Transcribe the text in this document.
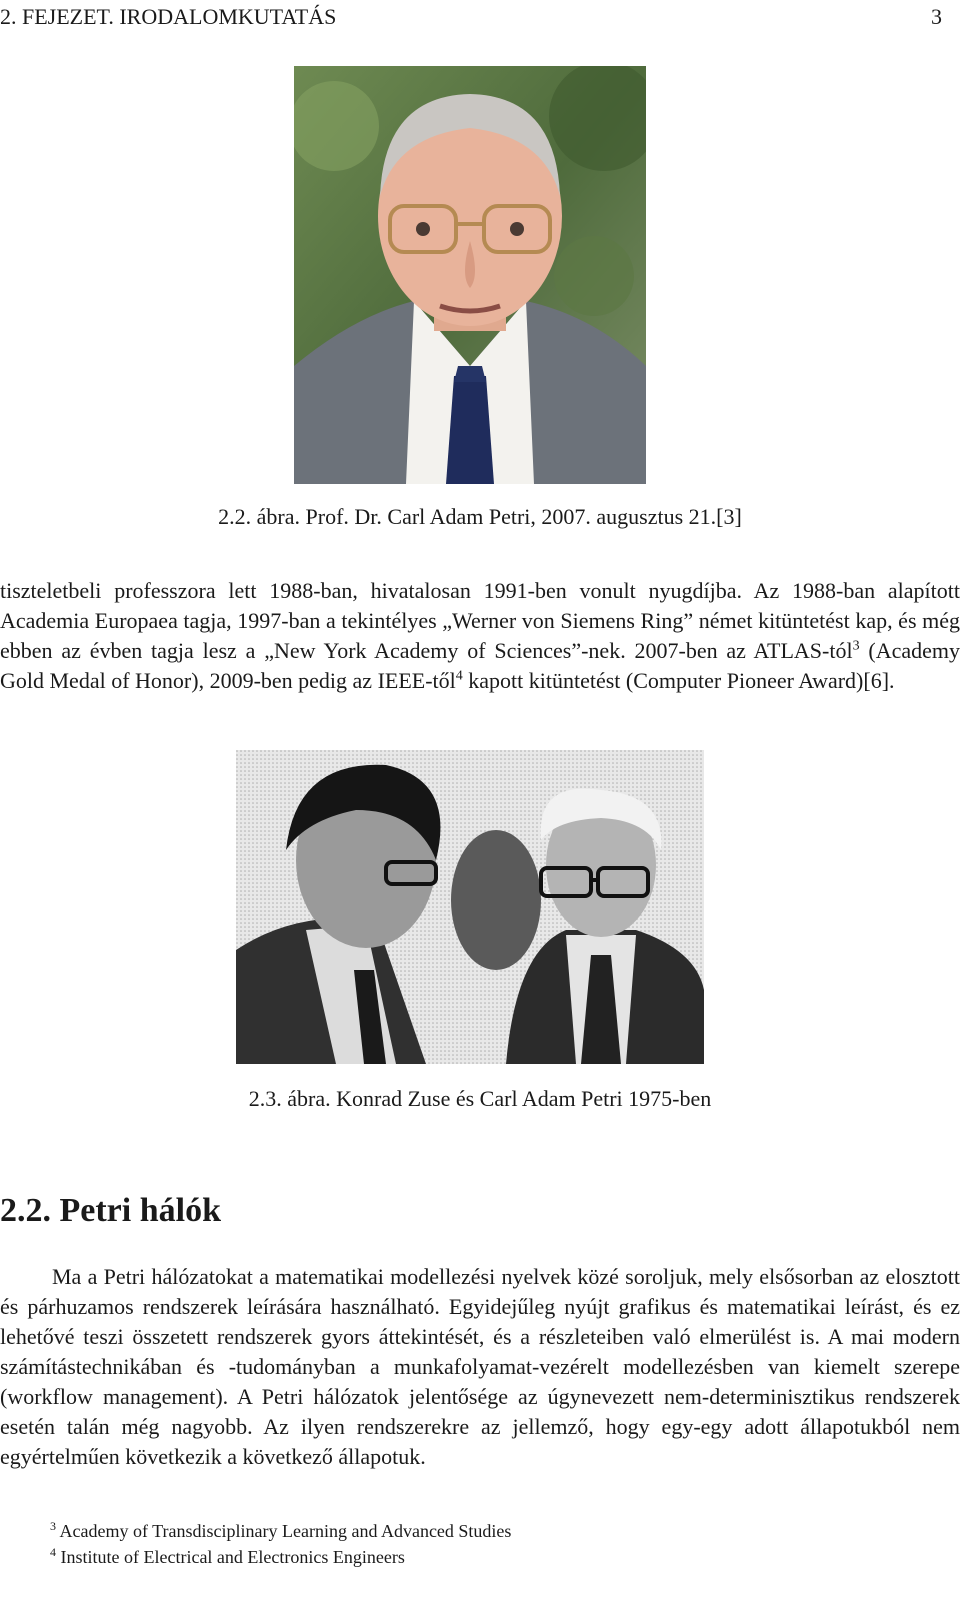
2. FEJEZET. IRODALOMKUTATÁS	3
2.2. ábra. Prof. Dr. Carl Adam Petri, 2007. augusztus 21.[3]

tiszteletbeli professzora lett 1988-ban, hivatalosan 1991-ben vonult nyugdíjba. Az 1988-ban alapított Academia Europaea tagja, 1997-ban a tekintélyes „Werner von Siemens Ring” német kitüntetést kap, és még ebben az évben tagja lesz a „New York Academy of Sciences”-nek. 2007-ben az ATLAS-tól$^3$ (Academy Gold Medal of Honor), 2009-ben pedig az IEEE-től$^4$ kapott kitüntetést (Computer Pioneer Award)[6].

2.3. ábra. Konrad Zuse és Carl Adam Petri 1975-ben
2.2. Petri hálók

Ma a Petri hálózatokat a matematikai modellezési nyelvek közé soroljuk, mely elsősorban az elosztott és párhuzamos rendszerek leírására használható. Egyidejűleg nyújt grafikus és matematikai leírást, és ez lehetővé teszi összetett rendszerek gyors áttekintését, és a részleteiben való elmerülést is. A mai modern számítástechnikában és -tudományban a munkafolyamat-vezérelt modellezésben van kiemelt szerepe (workflow management). A Petri hálózatok jelentősége az úgynevezett nem-determinisztikus rendszerek esetén talán még nagyobb. Az ilyen rendszerekre az jellemző, hogy egy-egy adott állapotukból nem egyértelműen következik a következő állapotuk.

$^3$ Academy of Transdisciplinary Learning and Advanced Studies
$^4$ Institute of Electrical and Electronics Engineers
